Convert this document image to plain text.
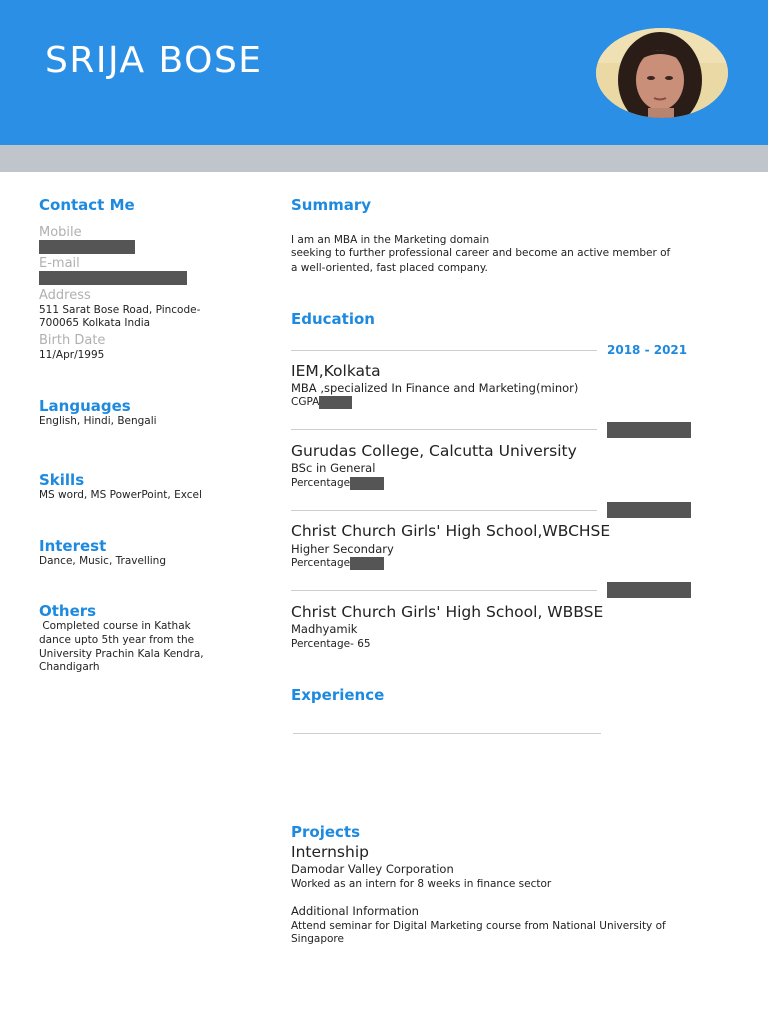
SRIJA BOSE
Contact Me
Mobile
E-mail
Address
511 Sarat Bose Road, Pincode-
700065 Kolkata India
Birth Date
11/Apr/1995
Languages
English, Hindi, Bengali
Skills
MS word, MS PowerPoint, Excel
Interest
Dance, Music, Travelling
Others
Completed course in Kathak
dance upto 5th year from the
University Prachin Kala Kendra,
Chandigarh
Summary
I am an MBA in the Marketing domain
seeking to further professional career and become an active member of
a well-oriented, fast placed company.
Education
2018 - 2021
IEM,Kolkata
MBA ,specialized In Finance and Marketing(minor)
CGPA
Gurudas College, Calcutta University
BSc in General
Percentage
Christ Church Girls' High School,WBCHSE
Higher Secondary
Percentage
Christ Church Girls' High School, WBBSE
Madhyamik
Percentage- 65
Experience
Projects
Internship
Damodar Valley Corporation
Worked as an intern for 8 weeks in finance sector
Additional Information
Attend seminar for Digital Marketing course from National University of
Singapore
